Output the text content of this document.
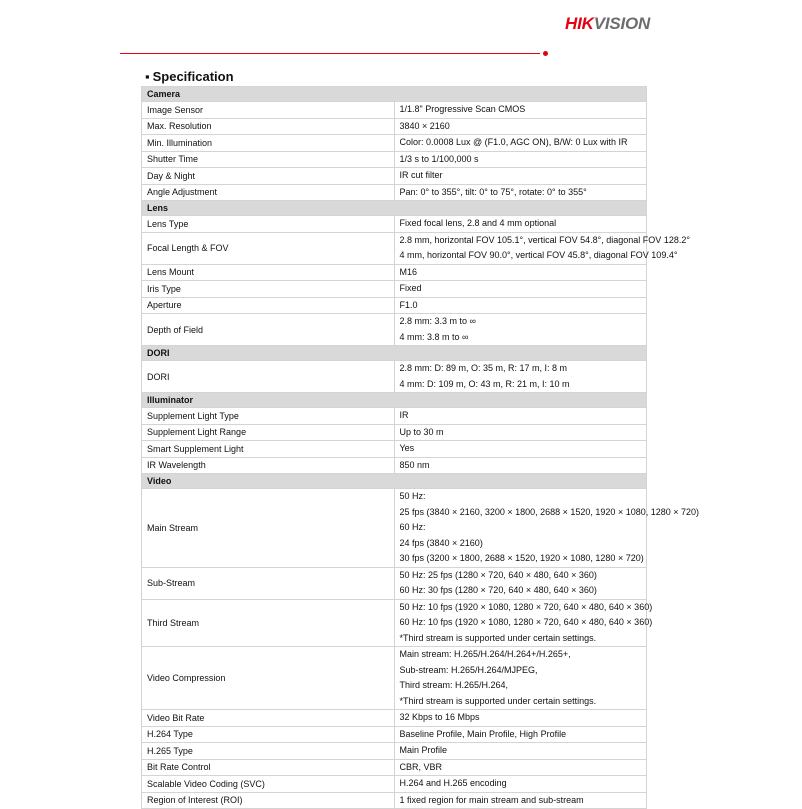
HIKVISION
▪ Specification
Camera	
Image Sensor	1/1.8" Progressive Scan CMOS

Max. Resolution	3840 × 2160

Min. Illumination	Color: 0.0008 Lux @ (F1.0, AGC ON), B/W: 0 Lux with IR

Shutter Time	1/3 s to 1/100,000 s

Day & Night	IR cut filter

Angle Adjustment	Pan: 0° to 355°, tilt: 0° to 75°, rotate: 0° to 355°

Lens	
Lens Type	Fixed focal lens, 2.8 and 4 mm optional

Focal Length & FOV	2.8 mm, horizontal FOV 105.1°, vertical FOV 54.8°, diagonal FOV 128.2°
4 mm, horizontal FOV 90.0°, vertical FOV 45.8°, diagonal FOV 109.4°

Lens Mount	M16

Iris Type	Fixed

Aperture	F1.0

Depth of Field	2.8 mm: 3.3 m to ∞
4 mm: 3.8 m to ∞

DORI	
DORI	2.8 mm: D: 89 m, O: 35 m, R: 17 m, I: 8 m
4 mm: D: 109 m, O: 43 m, R: 21 m, I: 10 m

Illuminator	
Supplement Light Type	IR

Supplement Light Range	Up to 30 m

Smart Supplement Light	Yes

IR Wavelength	850 nm

Video	
Main Stream	50 Hz:
25 fps (3840 × 2160, 3200 × 1800, 2688 × 1520, 1920 × 1080, 1280 × 720)
60 Hz:
24 fps (3840 × 2160)
30 fps (3200 × 1800, 2688 × 1520, 1920 × 1080, 1280 × 720)

Sub-Stream	50 Hz: 25 fps (1280 × 720, 640 × 480, 640 × 360)
60 Hz: 30 fps (1280 × 720, 640 × 480, 640 × 360)

Third Stream	50 Hz: 10 fps (1920 × 1080, 1280 × 720, 640 × 480, 640 × 360)
60 Hz: 10 fps (1920 × 1080, 1280 × 720, 640 × 480, 640 × 360)
*Third stream is supported under certain settings.

Video Compression	Main stream: H.265/H.264/H.264+/H.265+,
Sub-stream: H.265/H.264/MJPEG,
Third stream: H.265/H.264,
*Third stream is supported under certain settings.

Video Bit Rate	32 Kbps to 16 Mbps

H.264 Type	Baseline Profile, Main Profile, High Profile

H.265 Type	Main Profile

Bit Rate Control	CBR, VBR

Scalable Video Coding (SVC)	H.264 and H.265 encoding

Region of Interest (ROI)	1 fixed region for main stream and sub-stream
